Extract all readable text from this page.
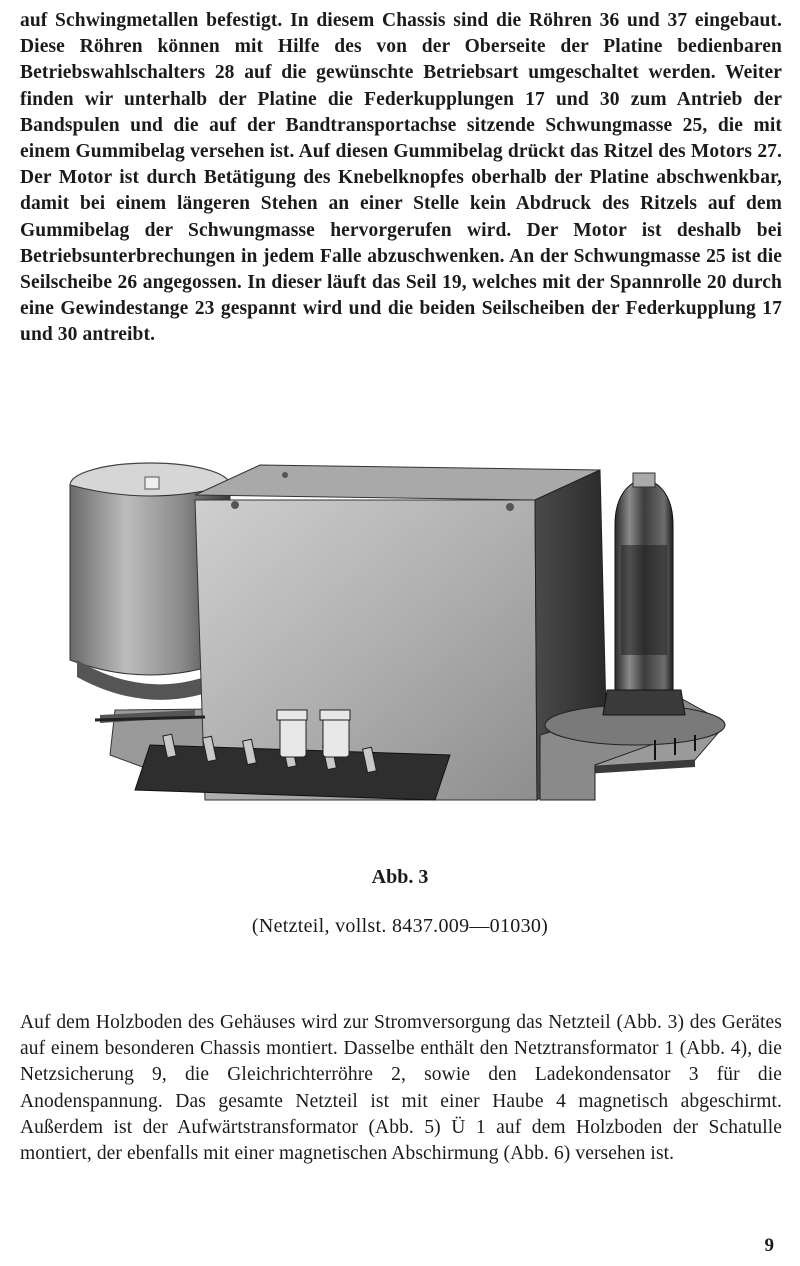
auf Schwingmetallen befestigt. In diesem Chassis sind die Röhren 36 und 37 eingebaut. Diese Röhren können mit Hilfe des von der Oberseite der Platine bedienbaren Betriebswahlschalters 28 auf die gewünschte Betriebsart umgeschaltet werden. Weiter finden wir unterhalb der Platine die Federkupplungen 17 und 30 zum Antrieb der Bandspulen und die auf der Bandtransportachse sitzende Schwungmasse 25, die mit einem Gummibelag versehen ist. Auf diesen Gummibelag drückt das Ritzel des Motors 27. Der Motor ist durch Betätigung des Knebelknopfes oberhalb der Platine abschwenkbar, damit bei einem längeren Stehen an einer Stelle kein Abdruck des Ritzels auf dem Gummibelag der Schwungmasse hervorgerufen wird. Der Motor ist deshalb bei Betriebsunterbrechungen in jedem Falle abzuschwenken. An der Schwungmasse 25 ist die Seilscheibe 26 angegossen. In dieser läuft das Seil 19, welches mit der Spannrolle 20 durch eine Gewindestange 23 gespannt wird und die beiden Seilscheiben der Federkupplung 17 und 30 antreibt.
Abb. 3
(Netzteil, vollst. 8437.009—01030)
Auf dem Holzboden des Gehäuses wird zur Stromversorgung das Netzteil (Abb. 3) des Gerätes auf einem besonderen Chassis montiert. Dasselbe enthält den Netztransformator 1 (Abb. 4), die Netzsicherung 9, die Gleichrichterröhre 2, sowie den Ladekondensator 3 für die Anodenspannung. Das gesamte Netzteil ist mit einer Haube 4 magnetisch abgeschirmt. Außerdem ist der Aufwärtstransformator (Abb. 5) Ü 1 auf dem Holzboden der Schatulle montiert, der ebenfalls mit einer magnetischen Abschirmung (Abb. 6) versehen ist.
9
